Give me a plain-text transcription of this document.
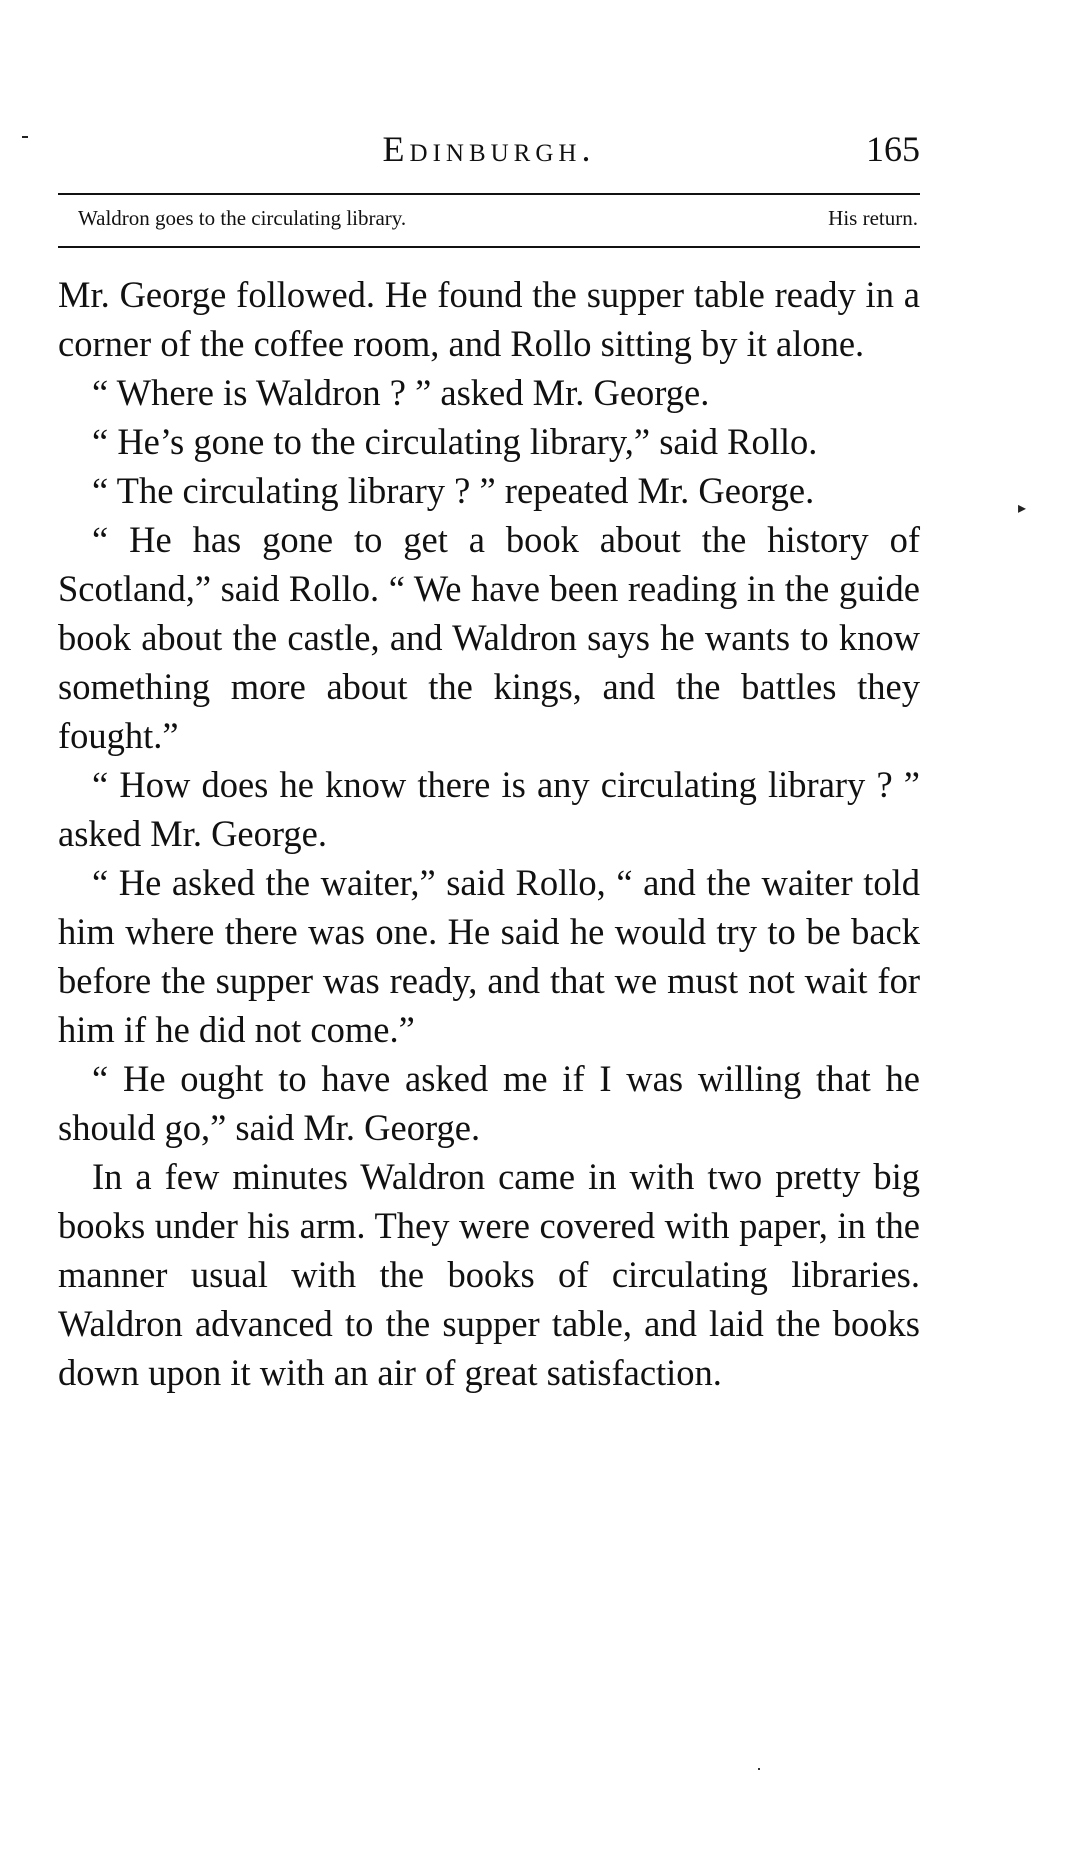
Edinburgh.	165
Waldron goes to the circulating library.	His return.

Mr. George followed. He found the supper table ready in a corner of the coffee room, and Rollo sitting by it alone.

“ Where is Waldron ? ” asked Mr. George.

“ He’s gone to the circulating library,” said Rollo.

“ The circulating library ? ” repeated Mr. George.

“ He has gone to get a book about the history of Scotland,” said Rollo. “ We have been reading in the guide book about the castle, and Waldron says he wants to know something more about the kings, and the battles they fought.”

“ How does he know there is any circulating library ? ” asked Mr. George.

“ He asked the waiter,” said Rollo, “ and the waiter told him where there was one. He said he would try to be back before the supper was ready, and that we must not wait for him if he did not come.”

“ He ought to have asked me if I was willing that he should go,” said Mr. George.

In a few minutes Waldron came in with two pretty big books under his arm. They were covered with paper, in the manner usual with the books of circulating libraries. Waldron advanced to the supper table, and laid the books down upon it with an air of great satisfaction.

▸
